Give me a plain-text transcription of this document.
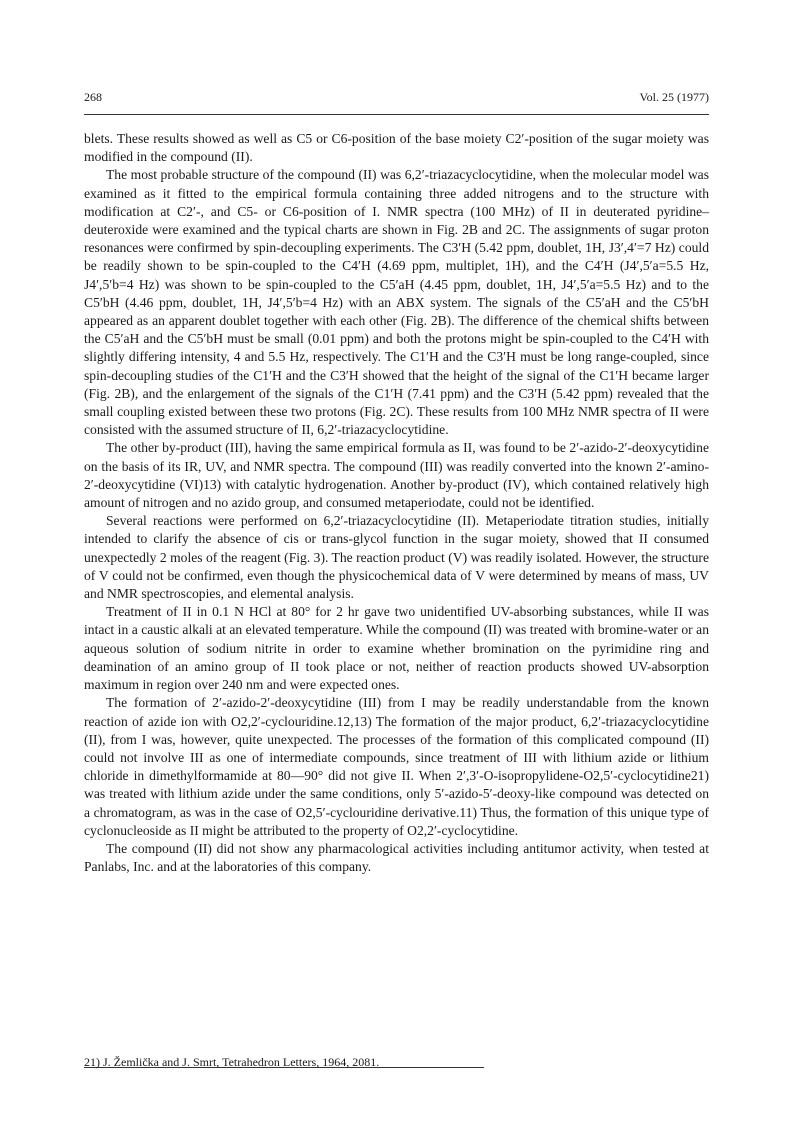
268	Vol. 25 (1977)

blets. These results showed as well as C5 or C6-position of the base moiety C2′-position of the sugar moiety was modified in the compound (II).

The most probable structure of the compound (II) was 6,2′-triazacyclocytidine, when the molecular model was examined as it fitted to the empirical formula containing three added nitrogens and to the structure with modification at C2′-, and C5- or C6-position of I. NMR spectra (100 MHz) of II in deuterated pyridine–deuteroxide were examined and the typical charts are shown in Fig. 2B and 2C. The assignments of sugar proton resonances were confirmed by spin-decoupling experiments. The C3′H (5.42 ppm, doublet, 1H, J3′,4′=7 Hz) could be readily shown to be spin-coupled to the C4′H (4.69 ppm, multiplet, 1H), and the C4′H (J4′,5′a=5.5 Hz, J4′,5′b=4 Hz) was shown to be spin-coupled to the C5′aH (4.45 ppm, doublet, 1H, J4′,5′a=5.5 Hz) and to the C5′bH (4.46 ppm, doublet, 1H, J4′,5′b=4 Hz) with an ABX system. The signals of the C5′aH and the C5′bH appeared as an apparent doublet together with each other (Fig. 2B). The difference of the chemical shifts between the C5′aH and the C5′bH must be small (0.01 ppm) and both the protons might be spin-coupled to the C4′H with slightly differing intensity, 4 and 5.5 Hz, respectively. The C1′H and the C3′H must be long range-coupled, since spin-decoupling studies of the C1′H and the C3′H showed that the height of the signal of the C1′H became larger (Fig. 2B), and the enlargement of the signals of the C1′H (7.41 ppm) and the C3′H (5.42 ppm) revealed that the small coupling existed between these two protons (Fig. 2C). These results from 100 MHz NMR spectra of II were consisted with the assumed structure of II, 6,2′-triazacyclocytidine.

The other by-product (III), having the same empirical formula as II, was found to be 2′-azido-2′-deoxycytidine on the basis of its IR, UV, and NMR spectra. The compound (III) was readily converted into the known 2′-amino-2′-deoxycytidine (VI)13) with catalytic hydrogenation. Another by-product (IV), which contained relatively high amount of nitrogen and no azido group, and consumed metaperiodate, could not be identified.

Several reactions were performed on 6,2′-triazacyclocytidine (II). Metaperiodate titration studies, initially intended to clarify the absence of cis or trans-glycol function in the sugar moiety, showed that II consumed unexpectedly 2 moles of the reagent (Fig. 3). The reaction product (V) was readily isolated. However, the structure of V could not be confirmed, even though the physicochemical data of V were determined by means of mass, UV and NMR spectroscopies, and elemental analysis.

Treatment of II in 0.1 N HCl at 80° for 2 hr gave two unidentified UV-absorbing substances, while II was intact in a caustic alkali at an elevated temperature. While the compound (II) was treated with bromine-water or an aqueous solution of sodium nitrite in order to examine whether bromination on the pyrimidine ring and deamination of an amino group of II took place or not, neither of reaction products showed UV-absorption maximum in region over 240 nm and were expected ones.

The formation of 2′-azido-2′-deoxycytidine (III) from I may be readily understandable from the known reaction of azide ion with O2,2′-cyclouridine.12,13) The formation of the major product, 6,2′-triazacyclocytidine (II), from I was, however, quite unexpected. The processes of the formation of this complicated compound (II) could not involve III as one of intermediate compounds, since treatment of III with lithium azide or lithium chloride in dimethylformamide at 80—90° did not give II. When 2′,3′-O-isopropylidene-O2,5′-cyclocytidine21) was treated with lithium azide under the same conditions, only 5′-azido-5′-deoxy-like compound was detected on a chromatogram, as was in the case of O2,5′-cyclouridine derivative.11) Thus, the formation of this unique type of cyclonucleoside as II might be attributed to the property of O2,2′-cyclocytidine.

The compound (II) did not show any pharmacological activities including antitumor activity, when tested at Panlabs, Inc. and at the laboratories of this company.

21) J. Žemlička and J. Smrt, Tetrahedron Letters, 1964, 2081.
